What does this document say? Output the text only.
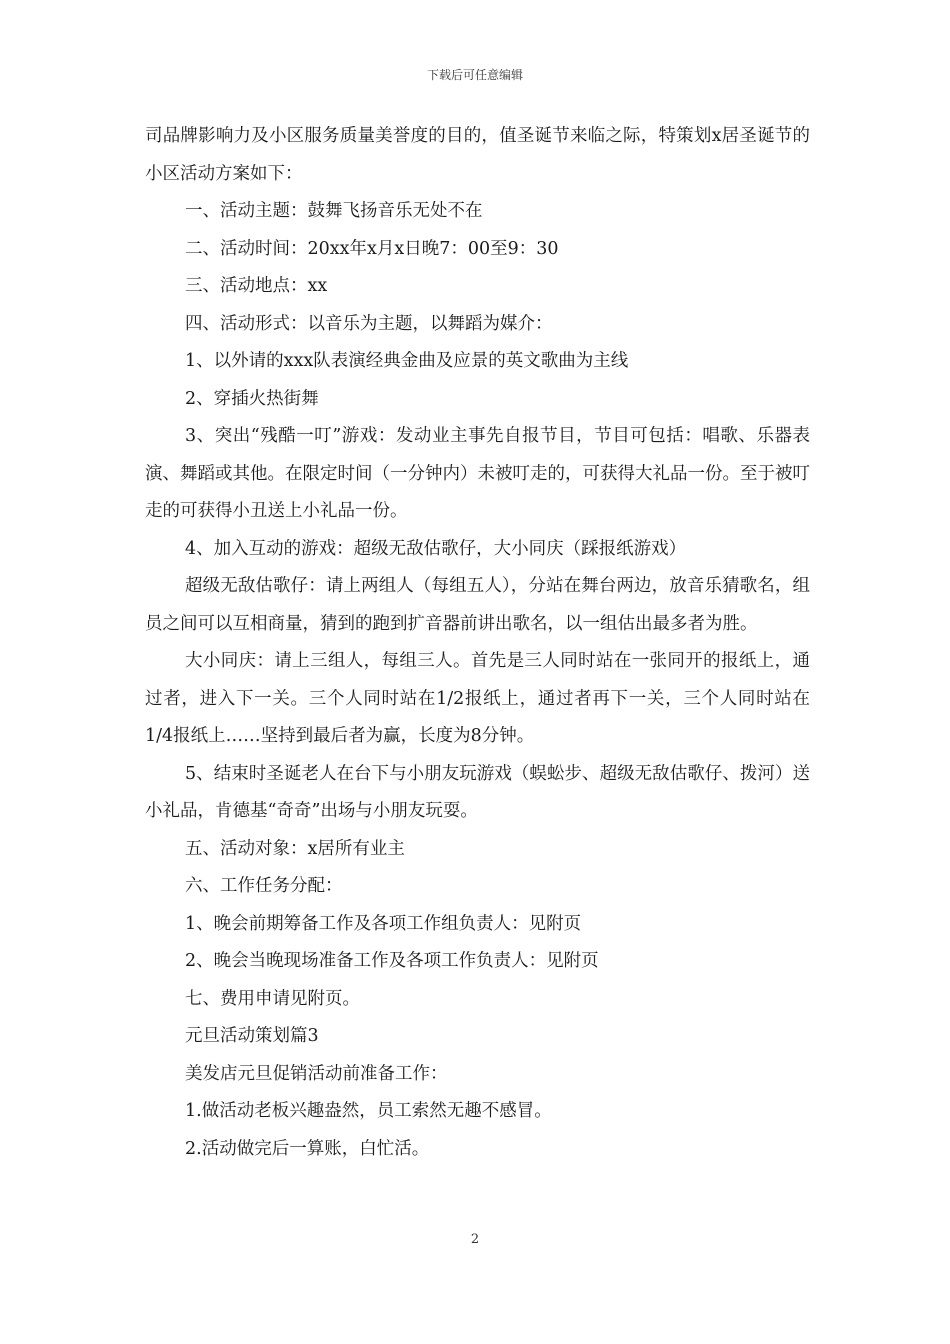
下载后可任意编辑

司品牌影响力及小区服务质量美誉度的目的，值圣诞节来临之际，特策划x居圣诞节的小区活动方案如下：

一、活动主题：鼓舞飞扬音乐无处不在

二、活动时间：20xx年x月x日晚7：00至9：30

三、活动地点：xx

四、活动形式：以音乐为主题，以舞蹈为媒介：

1、以外请的xxx队表演经典金曲及应景的英文歌曲为主线

2、穿插火热街舞

3、突出“残酷一叮”游戏：发动业主事先自报节目，节目可包括：唱歌、乐器表演、舞蹈或其他。在限定时间（一分钟内）未被叮走的，可获得大礼品一份。至于被叮走的可获得小丑送上小礼品一份。

4、加入互动的游戏：超级无敌估歌仔，大小同庆（踩报纸游戏）

超级无敌估歌仔：请上两组人（每组五人），分站在舞台两边，放音乐猜歌名，组员之间可以互相商量，猜到的跑到扩音器前讲出歌名，以一组估出最多者为胜。

大小同庆：请上三组人，每组三人。首先是三人同时站在一张同开的报纸上，通过者，进入下一关。三个人同时站在1/2报纸上，通过者再下一关，三个人同时站在1/4报纸上……坚持到最后者为赢，长度为8分钟。

5、结束时圣诞老人在台下与小朋友玩游戏（蜈蚣步、超级无敌估歌仔、拨河）送小礼品，肯德基“奇奇”出场与小朋友玩耍。

五、活动对象：x居所有业主

六、工作任务分配：

1、晚会前期筹备工作及各项工作组负责人：见附页

2、晚会当晚现场准备工作及各项工作负责人：见附页

七、费用申请见附页。

元旦活动策划篇3

美发店元旦促销活动前准备工作：

1.做活动老板兴趣盎然，员工索然无趣不感冒。

2.活动做完后一算账，白忙活。

2
